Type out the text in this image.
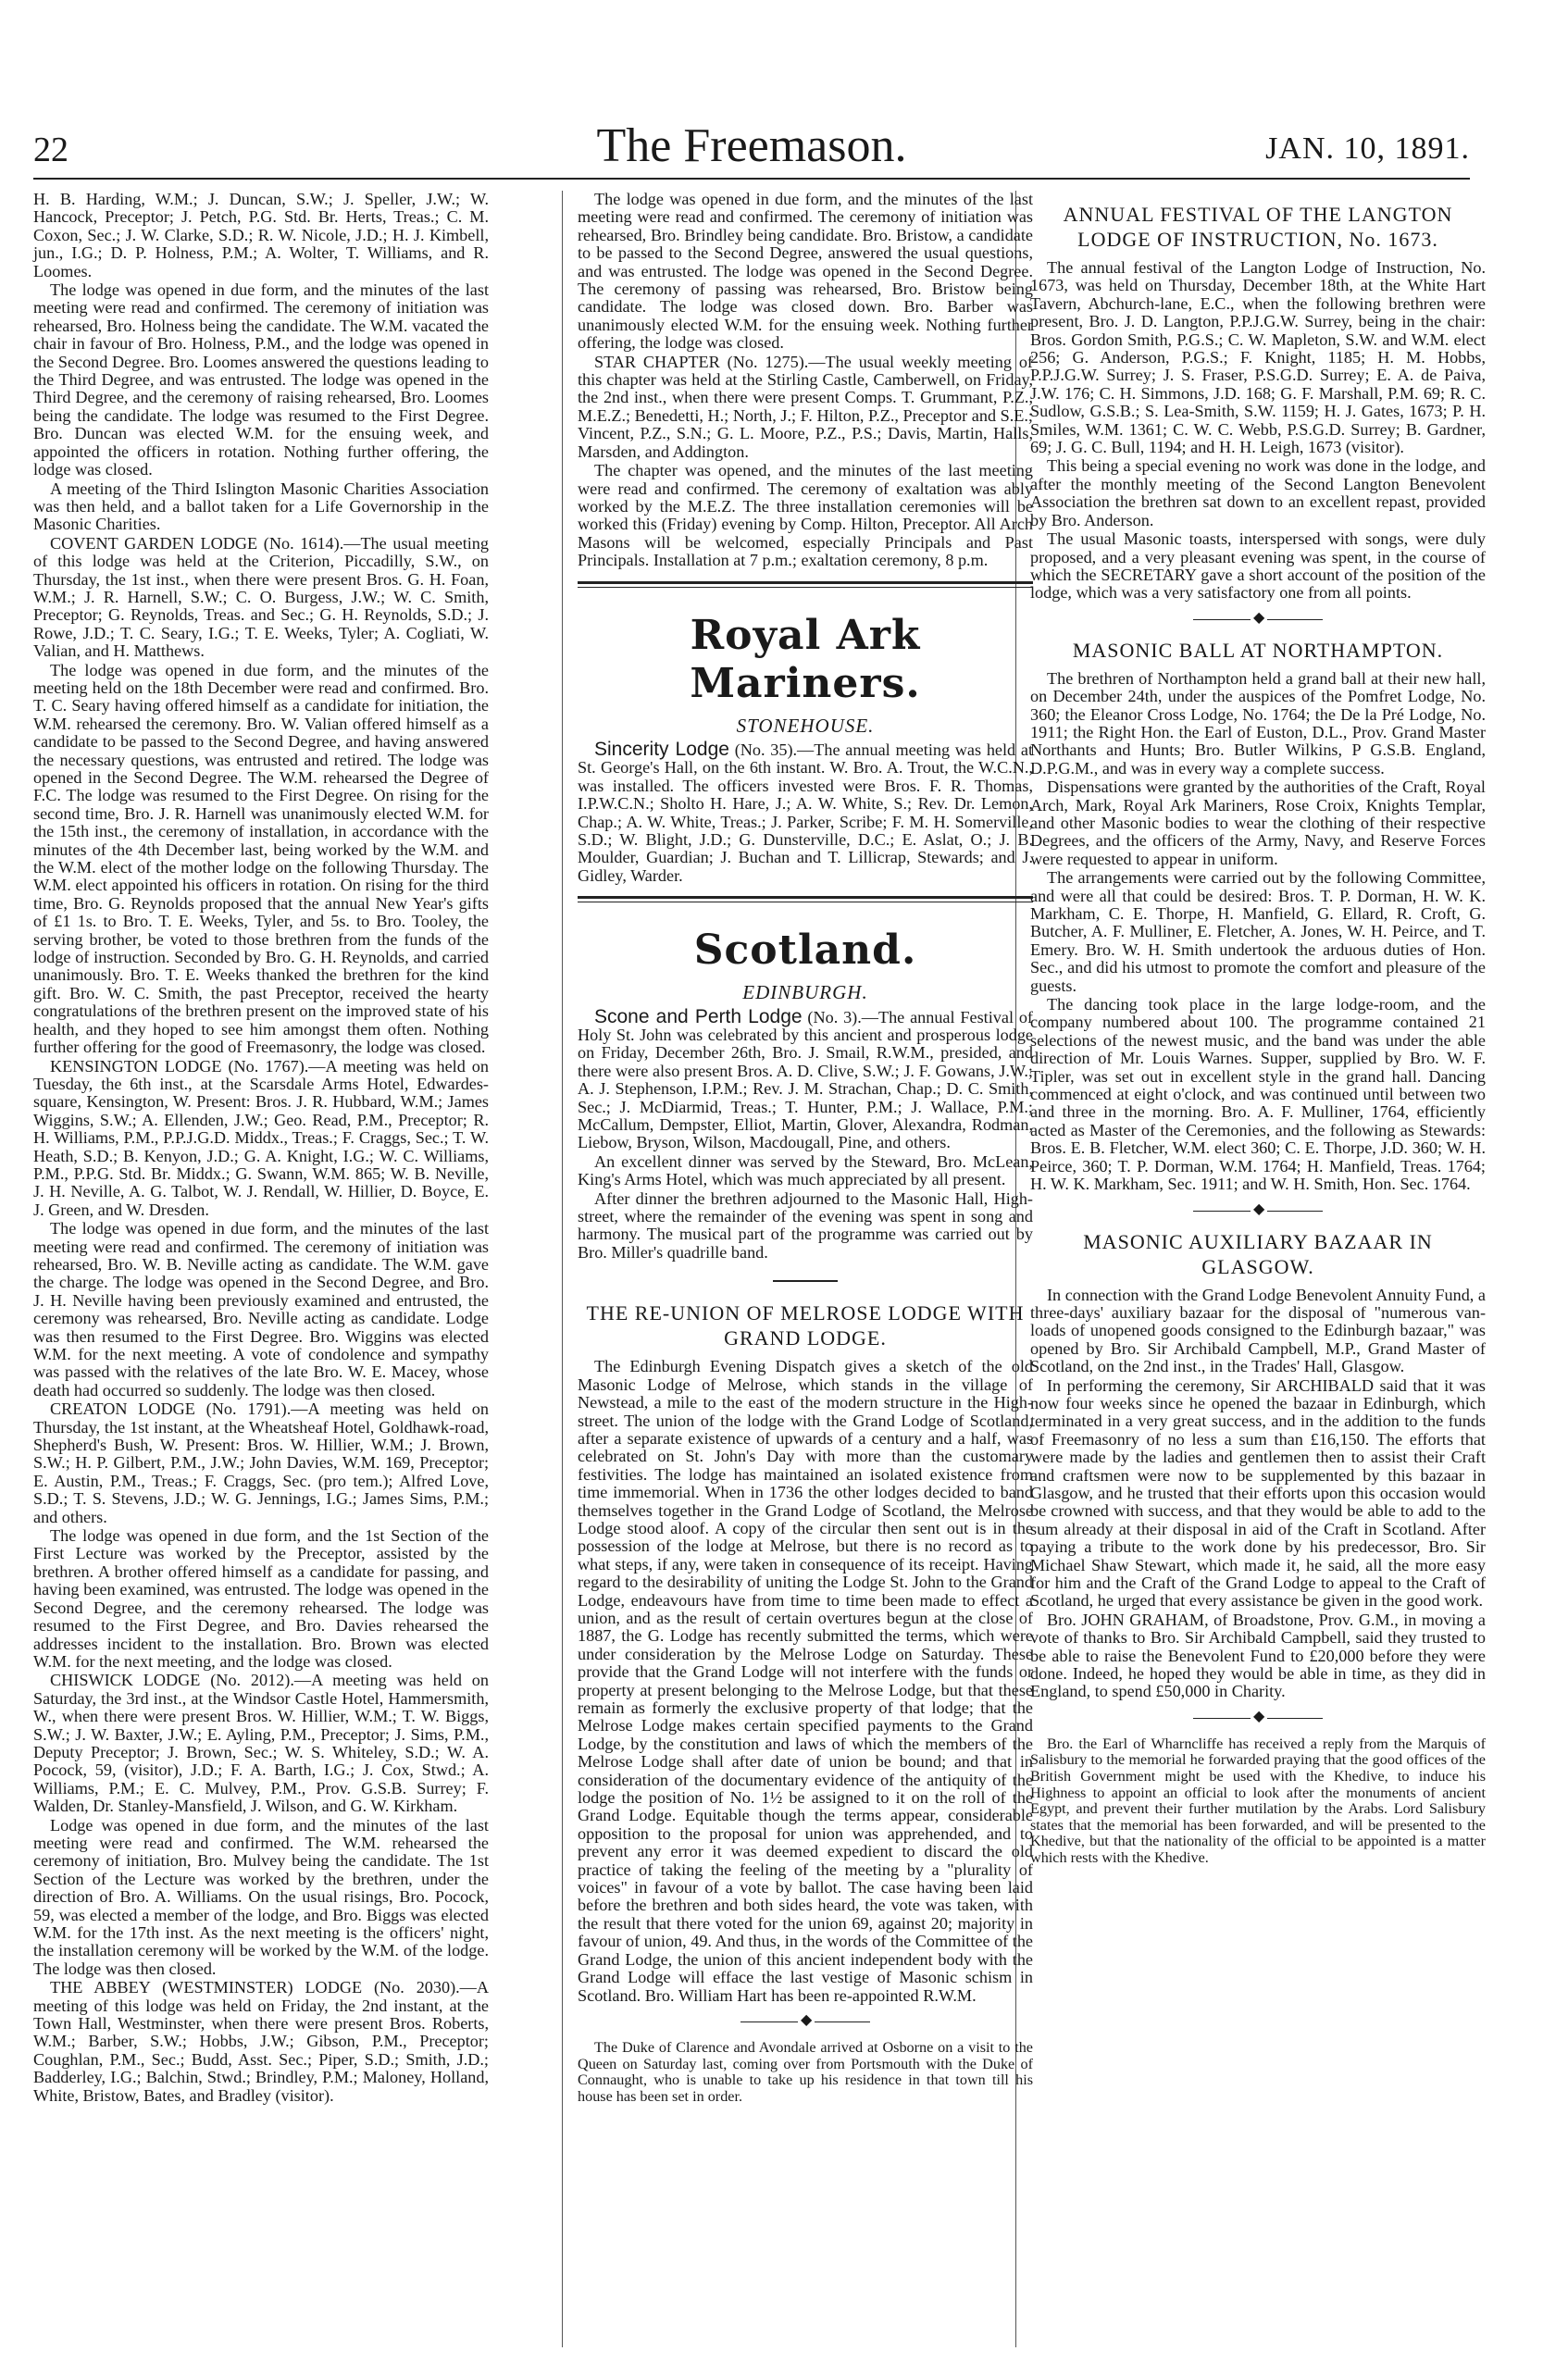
22	The Freemason.	JAN. 10, 1891.

H. B. Harding, W.M.; J. Duncan, S.W.; J. Speller, J.W.; W. Hancock, Preceptor; J. Petch, P.G. Std. Br. Herts, Treas.; C. M. Coxon, Sec.; J. W. Clarke, S.D.; R. W. Nicole, J.D.; H. J. Kimbell, jun., I.G.; D. P. Holness, P.M.; A. Wolter, T. Williams, and R. Loomes.

The lodge was opened in due form, and the minutes of the last meeting were read and confirmed. The ceremony of initiation was rehearsed, Bro. Holness being the candidate. The W.M. vacated the chair in favour of Bro. Holness, P.M., and the lodge was opened in the Second Degree. Bro. Loomes answered the questions leading to the Third Degree, and was entrusted. The lodge was opened in the Third Degree, and the ceremony of raising rehearsed, Bro. Loomes being the candidate. The lodge was resumed to the First Degree. Bro. Duncan was elected W.M. for the ensuing week, and appointed the officers in rotation. Nothing further offering, the lodge was closed.

A meeting of the Third Islington Masonic Charities Association was then held, and a ballot taken for a Life Governorship in the Masonic Charities.

COVENT GARDEN LODGE (No. 1614).—The usual meeting of this lodge was held at the Criterion, Piccadilly, S.W., on Thursday, the 1st inst., when there were present Bros. G. H. Foan, W.M.; J. R. Harnell, S.W.; C. O. Burgess, J.W.; W. C. Smith, Preceptor; G. Reynolds, Treas. and Sec.; G. H. Reynolds, S.D.; J. Rowe, J.D.; T. C. Seary, I.G.; T. E. Weeks, Tyler; A. Cogliati, W. Valian, and H. Matthews.

The lodge was opened in due form, and the minutes of the meeting held on the 18th December were read and confirmed. Bro. T. C. Seary having offered himself as a candidate for initiation, the W.M. rehearsed the ceremony. Bro. W. Valian offered himself as a candidate to be passed to the Second Degree, and having answered the necessary questions, was entrusted and retired. The lodge was opened in the Second Degree. The W.M. rehearsed the Degree of F.C. The lodge was resumed to the First Degree. On rising for the second time, Bro. J. R. Harnell was unanimously elected W.M. for the 15th inst., the ceremony of installation, in accordance with the minutes of the 4th December last, being worked by the W.M. and the W.M. elect of the mother lodge on the following Thursday. The W.M. elect appointed his officers in rotation. On rising for the third time, Bro. G. Reynolds proposed that the annual New Year's gifts of £1 1s. to Bro. T. E. Weeks, Tyler, and 5s. to Bro. Tooley, the serving brother, be voted to those brethren from the funds of the lodge of instruction. Seconded by Bro. G. H. Reynolds, and carried unanimously. Bro. T. E. Weeks thanked the brethren for the kind gift. Bro. W. C. Smith, the past Preceptor, received the hearty congratulations of the brethren present on the improved state of his health, and they hoped to see him amongst them often. Nothing further offering for the good of Freemasonry, the lodge was closed.

KENSINGTON LODGE (No. 1767).—A meeting was held on Tuesday, the 6th inst., at the Scarsdale Arms Hotel, Edwardes-square, Kensington, W. Present: Bros. J. R. Hubbard, W.M.; James Wiggins, S.W.; A. Ellenden, J.W.; Geo. Read, P.M., Preceptor; R. H. Williams, P.M., P.P.J.G.D. Middx., Treas.; F. Craggs, Sec.; T. W. Heath, S.D.; B. Kenyon, J.D.; G. A. Knight, I.G.; W. C. Williams, P.M., P.P.G. Std. Br. Middx.; G. Swann, W.M. 865; W. B. Neville, J. H. Neville, A. G. Talbot, W. J. Rendall, W. Hillier, D. Boyce, E. J. Green, and W. Dresden.

The lodge was opened in due form, and the minutes of the last meeting were read and confirmed. The ceremony of initiation was rehearsed, Bro. W. B. Neville acting as candidate. The W.M. gave the charge. The lodge was opened in the Second Degree, and Bro. J. H. Neville having been previously examined and entrusted, the ceremony was rehearsed, Bro. Neville acting as candidate. Lodge was then resumed to the First Degree. Bro. Wiggins was elected W.M. for the next meeting. A vote of condolence and sympathy was passed with the relatives of the late Bro. W. E. Macey, whose death had occurred so suddenly. The lodge was then closed.

CREATON LODGE (No. 1791).—A meeting was held on Thursday, the 1st instant, at the Wheatsheaf Hotel, Goldhawk-road, Shepherd's Bush, W. Present: Bros. W. Hillier, W.M.; J. Brown, S.W.; H. P. Gilbert, P.M., J.W.; John Davies, W.M. 169, Preceptor; E. Austin, P.M., Treas.; F. Craggs, Sec. (pro tem.); Alfred Love, S.D.; T. S. Stevens, J.D.; W. G. Jennings, I.G.; James Sims, P.M.; and others.

The lodge was opened in due form, and the 1st Section of the First Lecture was worked by the Preceptor, assisted by the brethren. A brother offered himself as a candidate for passing, and having been examined, was entrusted. The lodge was opened in the Second Degree, and the ceremony rehearsed. The lodge was resumed to the First Degree, and Bro. Davies rehearsed the addresses incident to the installation. Bro. Brown was elected W.M. for the next meeting, and the lodge was closed.

CHISWICK LODGE (No. 2012).—A meeting was held on Saturday, the 3rd inst., at the Windsor Castle Hotel, Hammersmith, W., when there were present Bros. W. Hillier, W.M.; T. W. Biggs, S.W.; J. W. Baxter, J.W.; E. Ayling, P.M., Preceptor; J. Sims, P.M., Deputy Preceptor; J. Brown, Sec.; W. S. Whiteley, S.D.; W. A. Pocock, 59, (visitor), J.D.; F. A. Barth, I.G.; J. Cox, Stwd.; A. Williams, P.M.; E. C. Mulvey, P.M., Prov. G.S.B. Surrey; F. Walden, Dr. Stanley-Mansfield, J. Wilson, and G. W. Kirkham.

Lodge was opened in due form, and the minutes of the last meeting were read and confirmed. The W.M. rehearsed the ceremony of initiation, Bro. Mulvey being the candidate. The 1st Section of the Lecture was worked by the brethren, under the direction of Bro. A. Williams. On the usual risings, Bro. Pocock, 59, was elected a member of the lodge, and Bro. Biggs was elected W.M. for the 17th inst. As the next meeting is the officers' night, the installation ceremony will be worked by the W.M. of the lodge. The lodge was then closed.

THE ABBEY (WESTMINSTER) LODGE (No. 2030).—A meeting of this lodge was held on Friday, the 2nd instant, at the Town Hall, Westminster, when there were present Bros. Roberts, W.M.; Barber, S.W.; Hobbs, J.W.; Gibson, P.M., Preceptor; Coughlan, P.M., Sec.; Budd, Asst. Sec.; Piper, S.D.; Smith, J.D.; Badderley, I.G.; Balchin, Stwd.; Brindley, P.M.; Maloney, Holland, White, Bristow, Bates, and Bradley (visitor).

The lodge was opened in due form, and the minutes of the last meeting were read and confirmed. The ceremony of initiation was rehearsed, Bro. Brindley being candidate. Bro. Bristow, a candidate to be passed to the Second Degree, answered the usual questions, and was entrusted. The lodge was opened in the Second Degree. The ceremony of passing was rehearsed, Bro. Bristow being candidate. The lodge was closed down. Bro. Barber was unanimously elected W.M. for the ensuing week. Nothing further offering, the lodge was closed.

STAR CHAPTER (No. 1275).—The usual weekly meeting of this chapter was held at the Stirling Castle, Camberwell, on Friday, the 2nd inst., when there were present Comps. T. Grummant, P.Z., M.E.Z.; Benedetti, H.; North, J.; F. Hilton, P.Z., Preceptor and S.E.; Vincent, P.Z., S.N.; G. L. Moore, P.Z., P.S.; Davis, Martin, Halls, Marsden, and Addington.

The chapter was opened, and the minutes of the last meeting were read and confirmed. The ceremony of exaltation was ably worked by the M.E.Z. The three installation ceremonies will be worked this (Friday) evening by Comp. Hilton, Preceptor. All Arch Masons will be welcomed, especially Principals and Past Principals. Installation at 7 p.m.; exaltation ceremony, 8 p.m.

Royal Ark Mariners.
STONEHOUSE.

Sincerity Lodge (No. 35).—The annual meeting was held at St. George's Hall, on the 6th instant. W. Bro. A. Trout, the W.C.N., was installed. The officers invested were Bros. F. R. Thomas, I.P.W.C.N.; Sholto H. Hare, J.; A. W. White, S.; Rev. Dr. Lemon, Chap.; A. W. White, Treas.; J. Parker, Scribe; F. M. H. Somerville, S.D.; W. Blight, J.D.; G. Dunsterville, D.C.; E. Aslat, O.; J. B. Moulder, Guardian; J. Buchan and T. Lillicrap, Stewards; and J. Gidley, Warder.

Scotland.
EDINBURGH.

Scone and Perth Lodge (No. 3).—The annual Festival of Holy St. John was celebrated by this ancient and prosperous lodge on Friday, December 26th, Bro. J. Smail, R.W.M., presided, and there were also present Bros. A. D. Clive, S.W.; J. F. Gowans, J.W.; A. J. Stephenson, I.P.M.; Rev. J. M. Strachan, Chap.; D. C. Smith, Sec.; J. McDiarmid, Treas.; T. Hunter, P.M.; J. Wallace, P.M.; McCallum, Dempster, Elliot, Martin, Glover, Alexandra, Rodman, Liebow, Bryson, Wilson, Macdougall, Pine, and others.

An excellent dinner was served by the Steward, Bro. McLean, King's Arms Hotel, which was much appreciated by all present.

After dinner the brethren adjourned to the Masonic Hall, High-street, where the remainder of the evening was spent in song and harmony. The musical part of the programme was carried out by Bro. Miller's quadrille band.

THE RE-UNION OF MELROSE LODGE WITH GRAND LODGE.

The Edinburgh Evening Dispatch gives a sketch of the old Masonic Lodge of Melrose, which stands in the village of Newstead, a mile to the east of the modern structure in the High-street. The union of the lodge with the Grand Lodge of Scotland, after a separate existence of upwards of a century and a half, was celebrated on St. John's Day with more than the customary festivities. The lodge has maintained an isolated existence from time immemorial. When in 1736 the other lodges decided to band themselves together in the Grand Lodge of Scotland, the Melrose Lodge stood aloof. A copy of the circular then sent out is in the possession of the lodge at Melrose, but there is no record as to what steps, if any, were taken in consequence of its receipt. Having regard to the desirability of uniting the Lodge St. John to the Grand Lodge, endeavours have from time to time been made to effect a union, and as the result of certain overtures begun at the close of 1887, the G. Lodge has recently submitted the terms, which were under consideration by the Melrose Lodge on Saturday. These provide that the Grand Lodge will not interfere with the funds or property at present belonging to the Melrose Lodge, but that these remain as formerly the exclusive property of that lodge; that the Melrose Lodge makes certain specified payments to the Grand Lodge, by the constitution and laws of which the members of the Melrose Lodge shall after date of union be bound; and that in consideration of the documentary evidence of the antiquity of the lodge the position of No. 1½ be assigned to it on the roll of the Grand Lodge. Equitable though the terms appear, considerable opposition to the proposal for union was apprehended, and to prevent any error it was deemed expedient to discard the old practice of taking the feeling of the meeting by a "plurality of voices" in favour of a vote by ballot. The case having been laid before the brethren and both sides heard, the vote was taken, with the result that there voted for the union 69, against 20; majority in favour of union, 49. And thus, in the words of the Committee of the Grand Lodge, the union of this ancient independent body with the Grand Lodge will efface the last vestige of Masonic schism in Scotland. Bro. William Hart has been re-appointed R.W.M.

◆

The Duke of Clarence and Avondale arrived at Osborne on a visit to the Queen on Saturday last, coming over from Portsmouth with the Duke of Connaught, who is unable to take up his residence in that town till his house has been set in order.

ANNUAL FESTIVAL OF THE LANGTON LODGE OF INSTRUCTION, No. 1673.

The annual festival of the Langton Lodge of Instruction, No. 1673, was held on Thursday, December 18th, at the White Hart Tavern, Abchurch-lane, E.C., when the following brethren were present, Bro. J. D. Langton, P.P.J.G.W. Surrey, being in the chair: Bros. Gordon Smith, P.G.S.; C. W. Mapleton, S.W. and W.M. elect 256; G. Anderson, P.G.S.; F. Knight, 1185; H. M. Hobbs, P.P.J.G.W. Surrey; J. S. Fraser, P.S.G.D. Surrey; E. A. de Paiva, J.W. 176; C. H. Simmons, J.D. 168; G. F. Marshall, P.M. 69; R. C. Sudlow, G.S.B.; S. Lea-Smith, S.W. 1159; H. J. Gates, 1673; P. H. Smiles, W.M. 1361; C. W. C. Webb, P.S.G.D. Surrey; B. Gardner, 69; J. G. C. Bull, 1194; and H. H. Leigh, 1673 (visitor).

This being a special evening no work was done in the lodge, and after the monthly meeting of the Second Langton Benevolent Association the brethren sat down to an excellent repast, provided by Bro. Anderson.

The usual Masonic toasts, interspersed with songs, were duly proposed, and a very pleasant evening was spent, in the course of which the SECRETARY gave a short account of the position of the lodge, which was a very satisfactory one from all points.

◆
MASONIC BALL AT NORTHAMPTON.

The brethren of Northampton held a grand ball at their new hall, on December 24th, under the auspices of the Pomfret Lodge, No. 360; the Eleanor Cross Lodge, No. 1764; the De la Pré Lodge, No. 1911; the Right Hon. the Earl of Euston, D.L., Prov. Grand Master Northants and Hunts; Bro. Butler Wilkins, P G.S.B. England, D.P.G.M., and was in every way a complete success.

Dispensations were granted by the authorities of the Craft, Royal Arch, Mark, Royal Ark Mariners, Rose Croix, Knights Templar, and other Masonic bodies to wear the clothing of their respective Degrees, and the officers of the Army, Navy, and Reserve Forces were requested to appear in uniform.

The arrangements were carried out by the following Committee, and were all that could be desired: Bros. T. P. Dorman, H. W. K. Markham, C. E. Thorpe, H. Manfield, G. Ellard, R. Croft, G. Butcher, A. F. Mulliner, E. Fletcher, A. Jones, W. H. Peirce, and T. Emery. Bro. W. H. Smith undertook the arduous duties of Hon. Sec., and did his utmost to promote the comfort and pleasure of the guests.

The dancing took place in the large lodge-room, and the company numbered about 100. The programme contained 21 selections of the newest music, and the band was under the able direction of Mr. Louis Warnes. Supper, supplied by Bro. W. F. Tipler, was set out in excellent style in the grand hall. Dancing commenced at eight o'clock, and was continued until between two and three in the morning. Bro. A. F. Mulliner, 1764, efficiently acted as Master of the Ceremonies, and the following as Stewards: Bros. E. B. Fletcher, W.M. elect 360; C. E. Thorpe, J.D. 360; W. H. Peirce, 360; T. P. Dorman, W.M. 1764; H. Manfield, Treas. 1764; H. W. K. Markham, Sec. 1911; and W. H. Smith, Hon. Sec. 1764.

◆
MASONIC AUXILIARY BAZAAR IN GLASGOW.

In connection with the Grand Lodge Benevolent Annuity Fund, a three-days' auxiliary bazaar for the disposal of "numerous van-loads of unopened goods consigned to the Edinburgh bazaar," was opened by Bro. Sir Archibald Campbell, M.P., Grand Master of Scotland, on the 2nd inst., in the Trades' Hall, Glasgow.

In performing the ceremony, Sir ARCHIBALD said that it was now four weeks since he opened the bazaar in Edinburgh, which terminated in a very great success, and in the addition to the funds of Freemasonry of no less a sum than £16,150. The efforts that were made by the ladies and gentlemen then to assist their Craft and craftsmen were now to be supplemented by this bazaar in Glasgow, and he trusted that their efforts upon this occasion would be crowned with success, and that they would be able to add to the sum already at their disposal in aid of the Craft in Scotland. After paying a tribute to the work done by his predecessor, Bro. Sir Michael Shaw Stewart, which made it, he said, all the more easy for him and the Craft of the Grand Lodge to appeal to the Craft of Scotland, he urged that every assistance be given in the good work.

Bro. JOHN GRAHAM, of Broadstone, Prov. G.M., in moving a vote of thanks to Bro. Sir Archibald Campbell, said they trusted to be able to raise the Benevolent Fund to £20,000 before they were done. Indeed, he hoped they would be able in time, as they did in England, to spend £50,000 in Charity.

◆

Bro. the Earl of Wharncliffe has received a reply from the Marquis of Salisbury to the memorial he forwarded praying that the good offices of the British Government might be used with the Khedive, to induce his Highness to appoint an official to look after the monuments of ancient Egypt, and prevent their further mutilation by the Arabs. Lord Salisbury states that the memorial has been forwarded, and will be presented to the Khedive, but that the nationality of the official to be appointed is a matter which rests with the Khedive.
